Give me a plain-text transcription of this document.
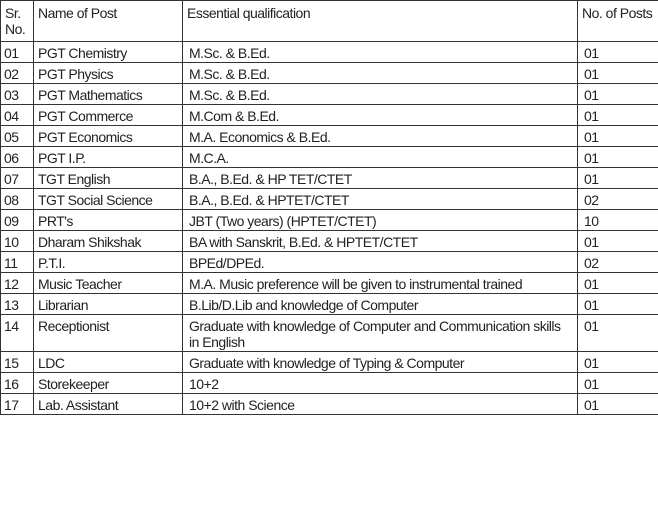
Sr. No.	Name of Post	Essential qualification	No. of Posts
01	PGT Chemistry	M.Sc. & B.Ed.	01
02	PGT Physics	M.Sc. & B.Ed.	01
03	PGT Mathematics	M.Sc. & B.Ed.	01
04	PGT Commerce	M.Com & B.Ed.	01
05	PGT Economics	M.A. Economics & B.Ed.	01
06	PGT I.P.	M.C.A.	01
07	TGT English	B.A., B.Ed. & HP TET/CTET	01
08	TGT Social Science	B.A., B.Ed. & HPTET/CTET	02
09	PRT's	JBT (Two years) (HPTET/CTET)	10
10	Dharam Shikshak	BA with Sanskrit, B.Ed. & HPTET/CTET	01
11	P.T.I.	BPEd/DPEd.	02
12	Music Teacher	M.A. Music preference will be given to instrumental trained	01
13	Librarian	B.Lib/D.Lib and knowledge of Computer	01
14	Receptionist	Graduate with knowledge of Computer and Communication skills in English	01
15	LDC	Graduate with knowledge of Typing & Computer	01
16	Storekeeper	10+2	01
17	Lab. Assistant	10+2 with Science	01
